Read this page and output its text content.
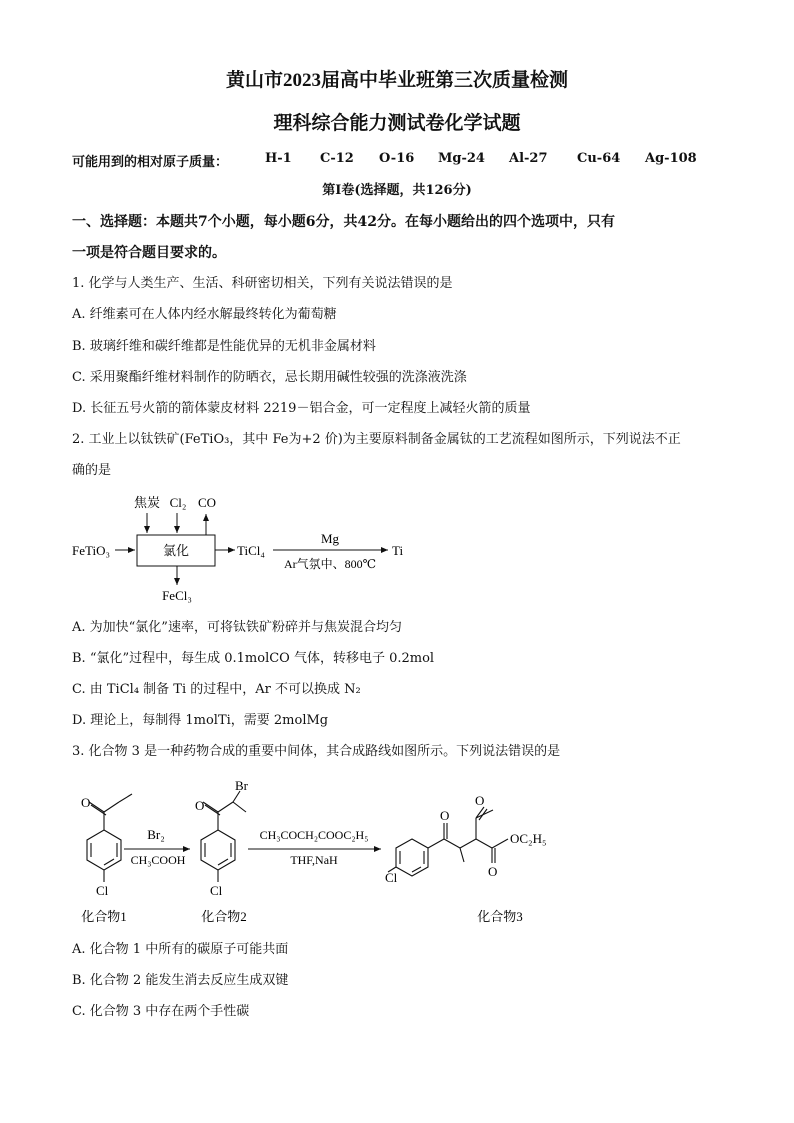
黄山市2023届高中毕业班第三次质量检测
理科综合能力测试卷化学试题
可能用到的相对原子质量：	H-1 C-12 O-16 Mg-24 Al-27 Cu-64 Ag-108
第I卷(选择题，共126分)
一、选择题：本题共7个小题，每小题6分，共42分。在每小题给出的四个选项中，只有
一项是符合题目要求的。
1. 化学与人类生产、生活、科研密切相关，下列有关说法错误的是
A. 纤维素可在人体内经水解最终转化为葡萄糖
B. 玻璃纤维和碳纤维都是性能优异的无机非金属材料
C. 采用聚酯纤维材料制作的防晒衣，忌长期用碱性较强的洗涤液洗涤
D. 长征五号火箭的箭体蒙皮材料 2219－铝合金，可一定程度上减轻火箭的质量
2. 工业上以钛铁矿(FeTiO₃，其中 Fe为+2 价)为主要原料制备金属钛的工艺流程如图所示，下列说法不正
确的是
焦炭 Cl₂ CO
FeTiO₃	氯化	TiCl₄
Mg
Ar气氛中、800℃
Ti
FeCl₃
A. 为加快“氯化”速率，可将钛铁矿粉碎并与焦炭混合均匀
B. “氯化”过程中，每生成 0.1molCO 气体，转移电子 0.2mol
C. 由 TiCl₄ 制备 Ti 的过程中，Ar 不可以换成 N₂
D. 理论上，每制得 1molTi，需要 2molMg
3. 化合物 3 是一种药物合成的重要中间体，其合成路线如图所示。下列说法错误的是
O
Cl
O
Br
Cl
Cl
O
O
O
OC₂H₅
Br₂
CH₃COOH
CH₃COCH₂COOC₂H₅
THF,NaH
化合物1	化合物2	化合物3
A. 化合物 1 中所有的碳原子可能共面
B. 化合物 2 能发生消去反应生成双键
C. 化合物 3 中存在两个手性碳
